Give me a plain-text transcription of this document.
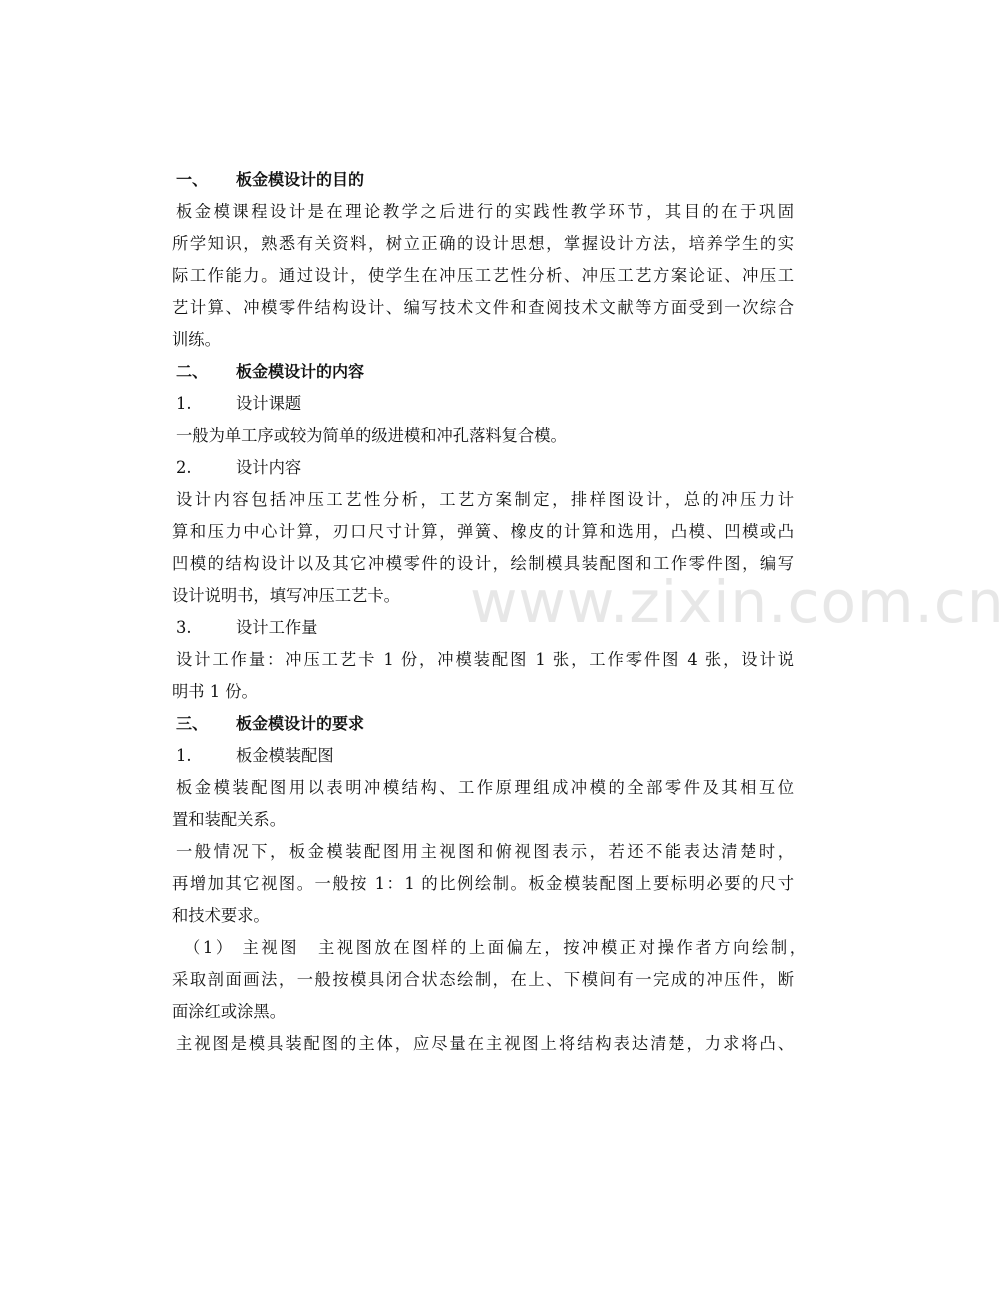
www.zixin.com.cn
一、 板金模设计的目的
板金模课程设计是在理论教学之后进行的实践性教学环节，其目的在于巩固
所学知识，熟悉有关资料，树立正确的设计思想，掌握设计方法，培养学生的实
际工作能力。通过设计，使学生在冲压工艺性分析、冲压工艺方案论证、冲压工
艺计算、冲模零件结构设计、编写技术文件和查阅技术文献等方面受到一次综合
训练。
二、 板金模设计的内容
1.	设计课题
一般为单工序或较为简单的级进模和冲孔落料复合模。
2.	设计内容
设计内容包括冲压工艺性分析，工艺方案制定，排样图设计，总的冲压力计
算和压力中心计算，刃口尺寸计算，弹簧、橡皮的计算和选用，凸模、凹模或凸
凹模的结构设计以及其它冲模零件的设计，绘制模具装配图和工作零件图，编写
设计说明书，填写冲压工艺卡。
3.	设计工作量
设计工作量：冲压工艺卡 1 份，冲模装配图 1 张，工作零件图 4 张，设计说
明书 1 份。
三、 板金模设计的要求
1.	板金模装配图
板金模装配图用以表明冲模结构、工作原理组成冲模的全部零件及其相互位
置和装配关系。
一般情况下，板金模装配图用主视图和俯视图表示，若还不能表达清楚时，
再增加其它视图。一般按 1：1 的比例绘制。板金模装配图上要标明必要的尺寸
和技术要求。
（1） 主视图　主视图放在图样的上面偏左，按冲模正对操作者方向绘制，
采取剖面画法，一般按模具闭合状态绘制，在上、下模间有一完成的冲压件，断
面涂红或涂黑。
主视图是模具装配图的主体，应尽量在主视图上将结构表达清楚，力求将凸、
